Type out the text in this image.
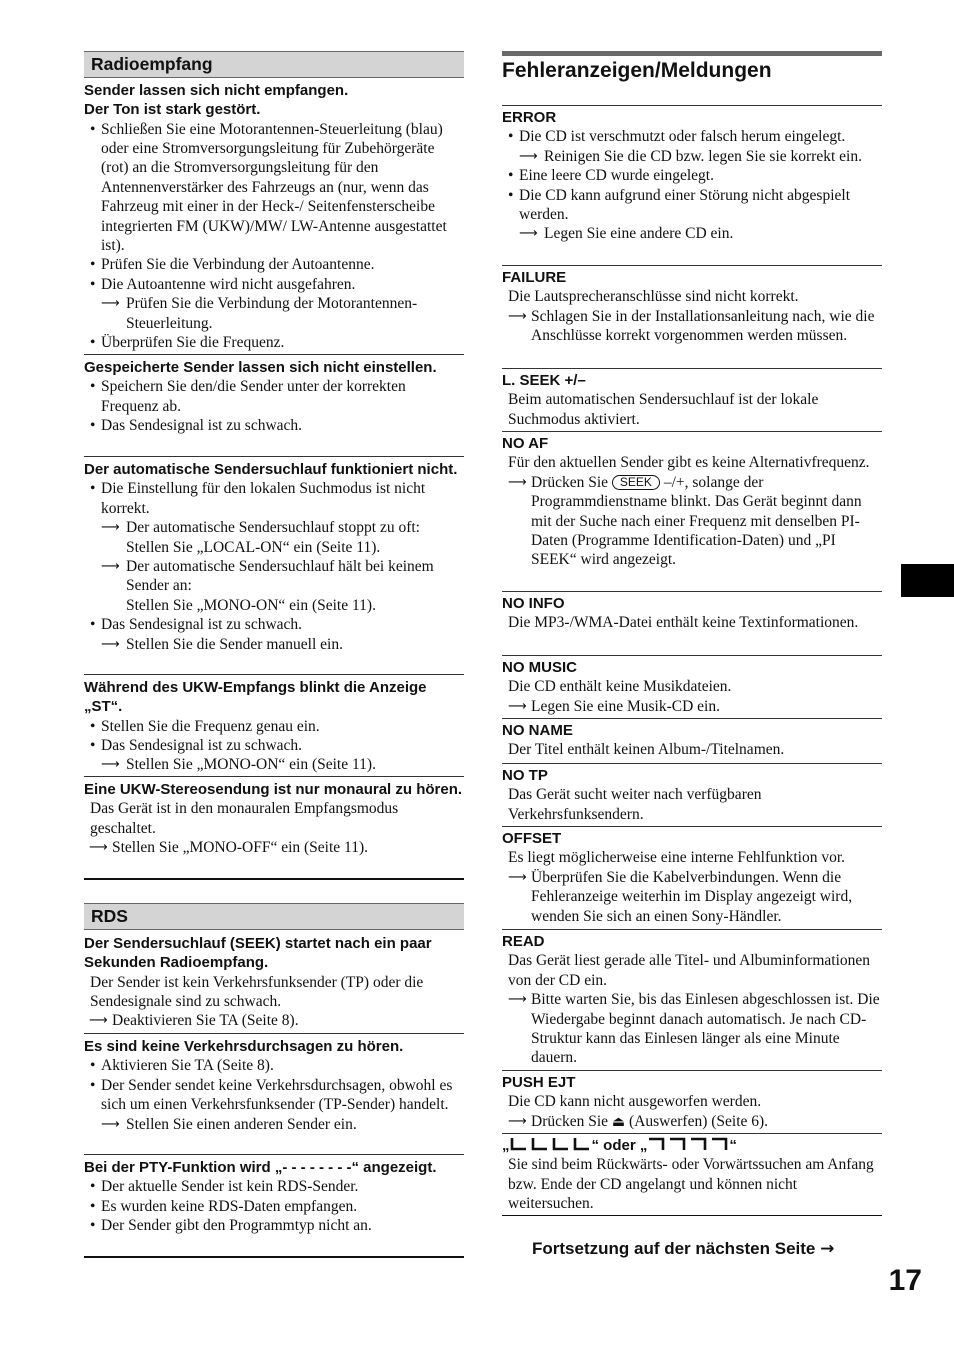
Radioempfang

Sender lassen sich nicht empfangen.

Der Ton ist stark gestört.

• Schließen Sie eine Motorantennen-Steuerleitung (blau) oder eine Stromversorgungsleitung für Zubehörgeräte (rot) an die Stromversorgungsleitung für den Antennenverstärker des Fahrzeugs an (nur, wenn das Fahrzeug mit einer in der Heck-/ Seitenfensterscheibe integrierten FM (UKW)/MW/ LW-Antenne ausgestattet ist).
• Prüfen Sie die Verbindung der Autoantenne.
• Die Autoantenne wird nicht ausgefahren.

⟶ Prüfen Sie die Verbindung der Motorantennen-Steuerleitung.

• Überprüfen Sie die Frequenz.

Gespeicherte Sender lassen sich nicht einstellen.

• Speichern Sie den/die Sender unter der korrekten Frequenz ab.
• Das Sendesignal ist zu schwach.

Der automatische Sendersuchlauf funktioniert nicht.

• Die Einstellung für den lokalen Suchmodus ist nicht korrekt.

⟶ Der automatische Sendersuchlauf stoppt zu oft: Stellen Sie „LOCAL-ON“ ein (Seite 11).

⟶ Der automatische Sendersuchlauf hält bei keinem Sender an:

Stellen Sie „MONO-ON“ ein (Seite 11).

• Das Sendesignal ist zu schwach.

⟶ Stellen Sie die Sender manuell ein.

Während des UKW-Empfangs blinkt die Anzeige „ST“.

• Stellen Sie die Frequenz genau ein.
• Das Sendesignal ist zu schwach.

⟶ Stellen Sie „MONO-ON“ ein (Seite 11).

Eine UKW-Stereosendung ist nur monaural zu hören.

Das Gerät ist in den monauralen Empfangsmodus geschaltet.

⟶ Stellen Sie „MONO-OFF“ ein (Seite 11).

RDS

Der Sendersuchlauf (SEEK) startet nach ein paar Sekunden Radioempfang.

Der Sender ist kein Verkehrsfunksender (TP) oder die Sendesignale sind zu schwach.

⟶ Deaktivieren Sie TA (Seite 8).

Es sind keine Verkehrsdurchsagen zu hören.

• Aktivieren Sie TA (Seite 8).
• Der Sender sendet keine Verkehrsdurchsagen, obwohl es sich um einen Verkehrsfunksender (TP-Sender) handelt.

⟶ Stellen Sie einen anderen Sender ein.

Bei der PTY-Funktion wird „- - - - - - - -“ angezeigt.

• Der aktuelle Sender ist kein RDS-Sender.
• Es wurden keine RDS-Daten empfangen.
• Der Sender gibt den Programmtyp nicht an.
Fehleranzeigen/Meldungen

ERROR

• Die CD ist verschmutzt oder falsch herum eingelegt.

⟶ Reinigen Sie die CD bzw. legen Sie sie korrekt ein.

• Eine leere CD wurde eingelegt.
• Die CD kann aufgrund einer Störung nicht abgespielt werden.

⟶ Legen Sie eine andere CD ein.

FAILURE

Die Lautsprecheranschlüsse sind nicht korrekt.

⟶ Schlagen Sie in der Installationsanleitung nach, wie die Anschlüsse korrekt vorgenommen werden müssen.

L. SEEK +/–

Beim automatischen Sendersuchlauf ist der lokale Suchmodus aktiviert.

NO AF

Für den aktuellen Sender gibt es keine Alternativfrequenz.

⟶ Drücken Sie SEEK –/+, solange der Programmdienstname blinkt. Das Gerät beginnt dann mit der Suche nach einer Frequenz mit denselben PI-Daten (Programme Identification-Daten) und „PI SEEK“ wird angezeigt.

NO INFO

Die MP3-/WMA-Datei enthält keine Textinformationen.

NO MUSIC

Die CD enthält keine Musikdateien.

⟶ Legen Sie eine Musik-CD ein.

NO NAME

Der Titel enthält keinen Album-/Titelnamen.

NO TP

Das Gerät sucht weiter nach verfügbaren Verkehrsfunksendern.

OFFSET

Es liegt möglicherweise eine interne Fehlfunktion vor.

⟶ Überprüfen Sie die Kabelverbindungen. Wenn die Fehleranzeige weiterhin im Display angezeigt wird, wenden Sie sich an einen Sony-Händler.

READ

Das Gerät liest gerade alle Titel- und Albuminformationen von der CD ein.

⟶ Bitte warten Sie, bis das Einlesen abgeschlossen ist. Die Wiedergabe beginnt danach automatisch. Je nach CD-Struktur kann das Einlesen länger als eine Minute dauern.

PUSH EJT

Die CD kann nicht ausgeworfen werden.

⟶ Drücken Sie ⏏ (Auswerfen) (Seite 6).

„	“ oder „	“

Sie sind beim Rückwärts- oder Vorwärtssuchen am Anfang bzw. Ende der CD angelangt und können nicht weitersuchen.

Fortsetzung auf der nächsten Seite →
17
